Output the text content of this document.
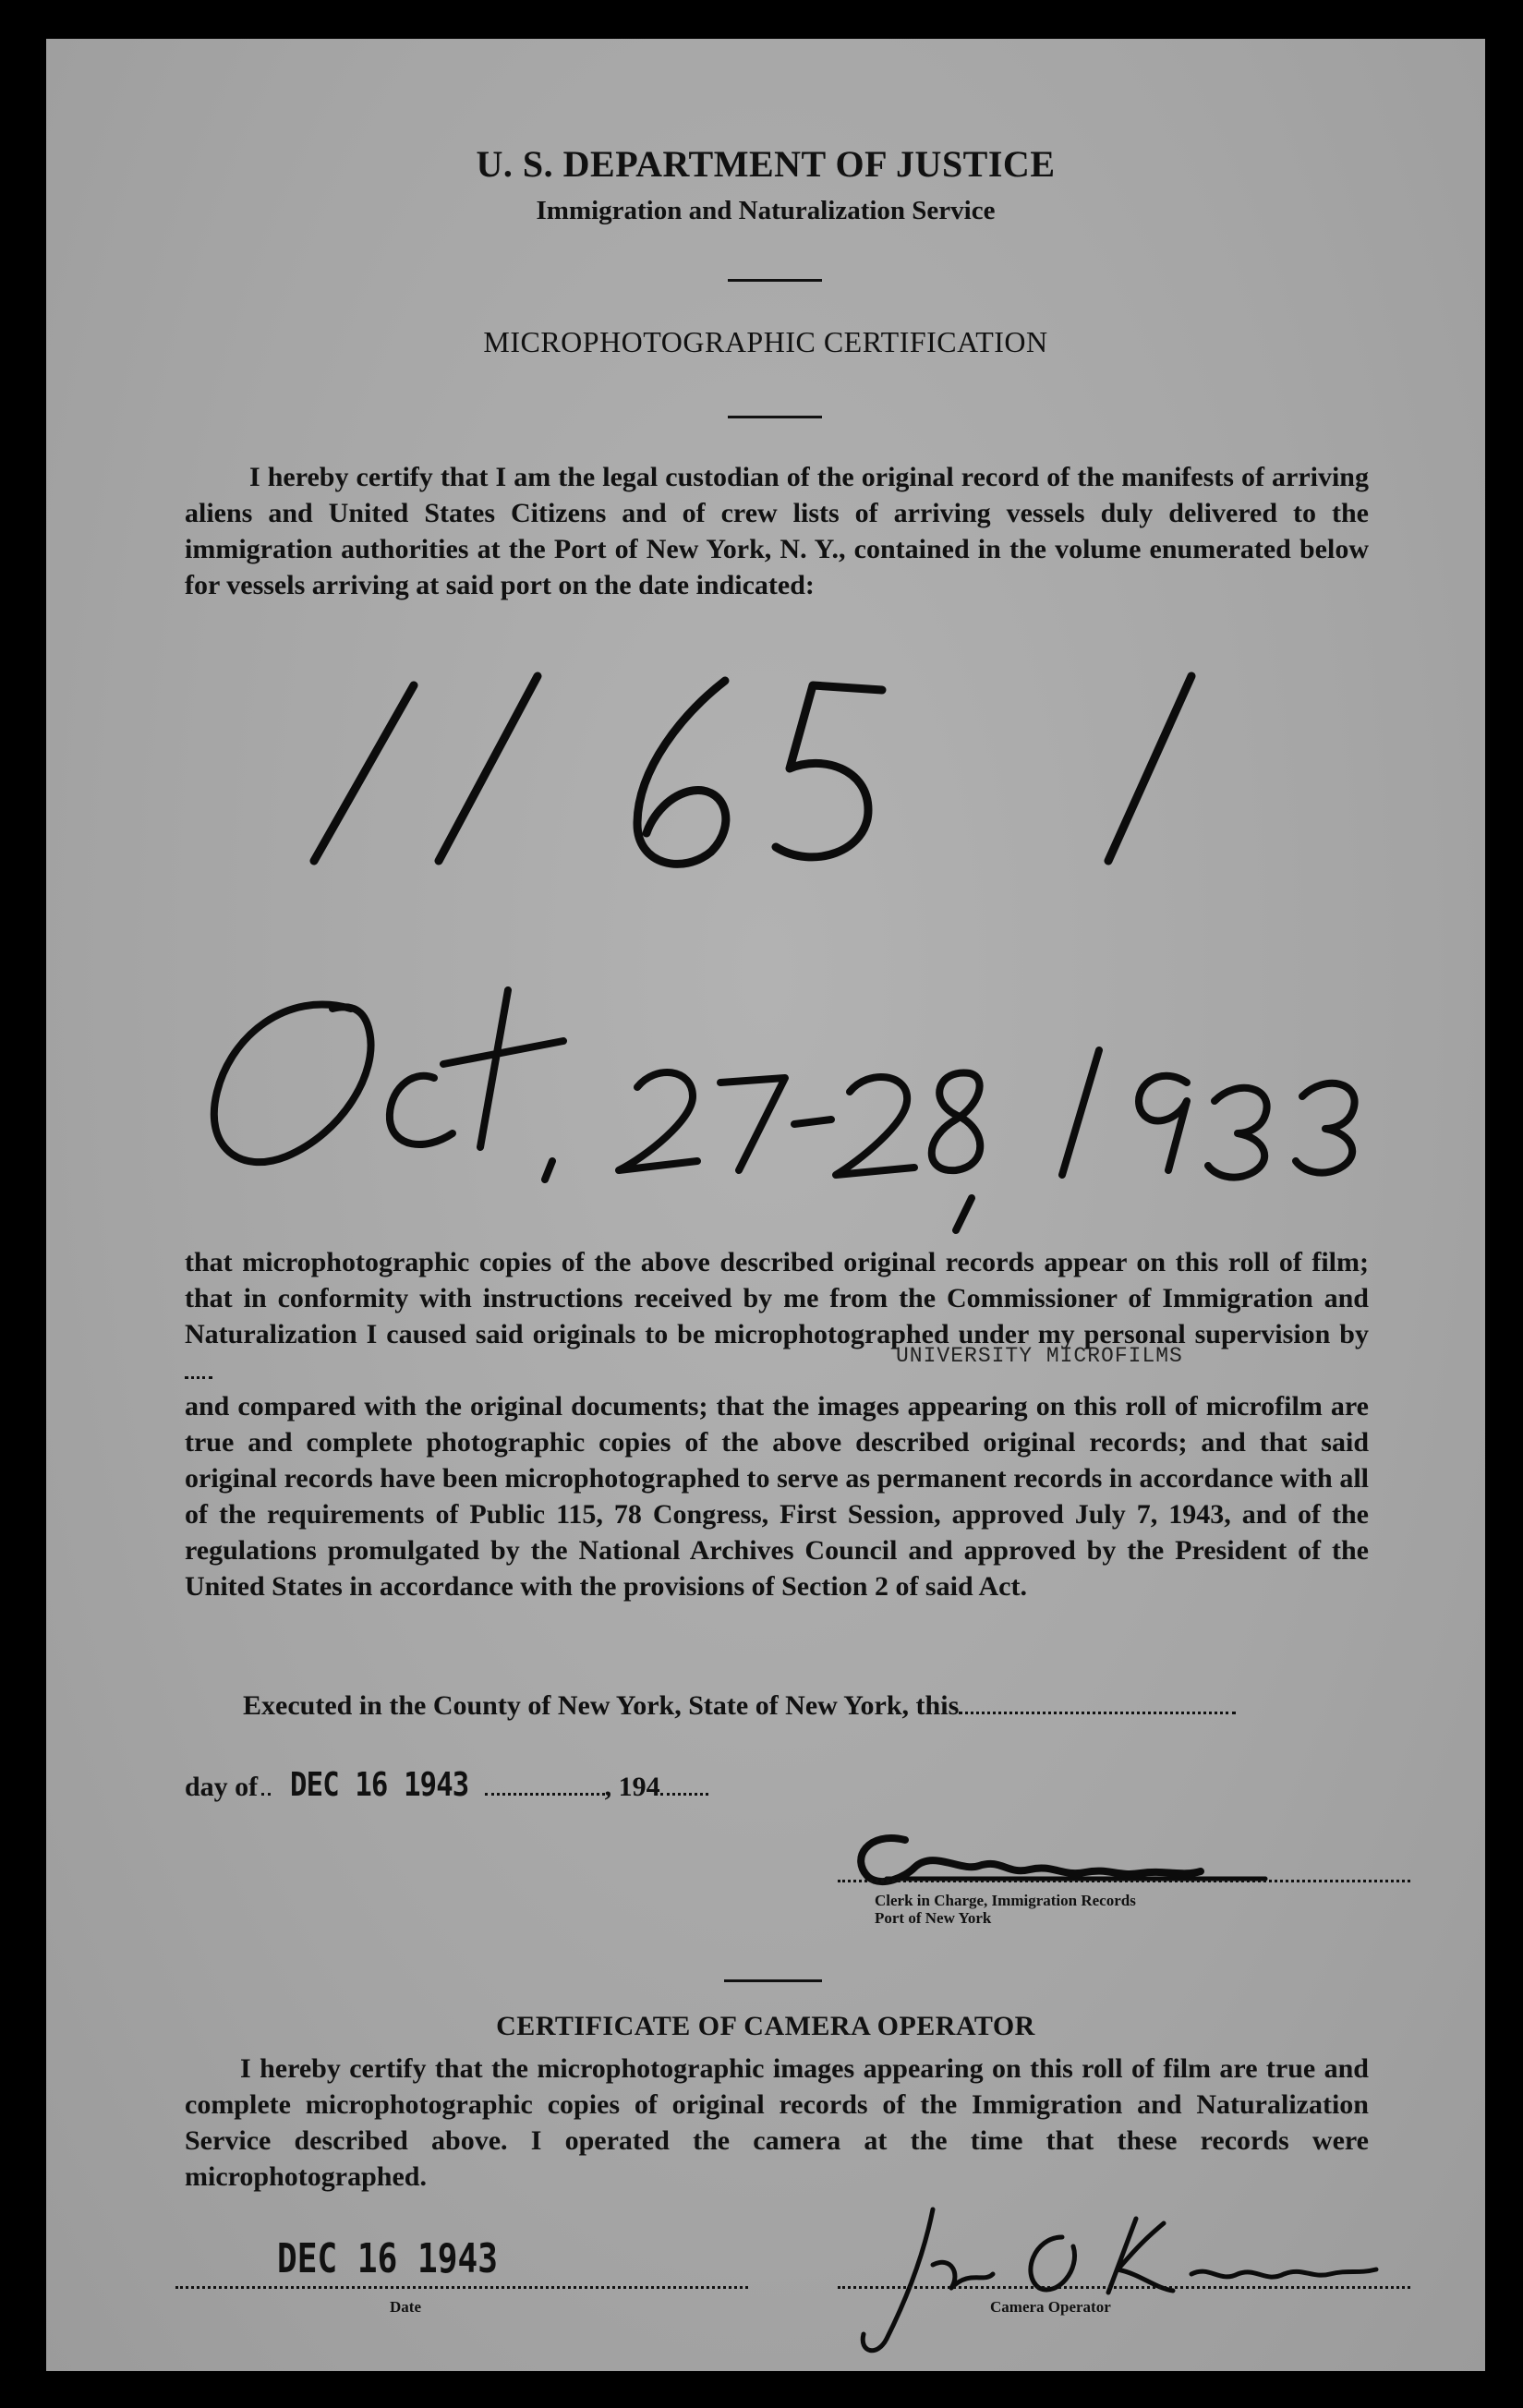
U. S. DEPARTMENT OF JUSTICE
Immigration and Naturalization Service
MICROPHOTOGRAPHIC CERTIFICATION
I hereby certify that I am the legal custodian of the original record of the manifests of arriving aliens and United States Citizens and of crew lists of arriving vessels duly delivered to the immigration authorities at the Port of New York, N. Y., contained in the volume enumerated below for vessels arriving at said port on the date indicated:
that microphotographic copies of the above described original records appear on this roll of film; that in conformity with instructions received by me from the Commissioner of Immigration and Naturalization I caused said originals to be microphotographed under my personal supervision by
UNIVERSITY MICROFILMS
and compared with the original documents; that the images appearing on this roll of microfilm are true and complete photographic copies of the above described original records; and that said original records have been microphotographed to serve as permanent records in accordance with all of the requirements of Public 115, 78 Congress, First Session, approved July 7, 1943, and of the regulations promulgated by the National Archives Council and approved by the President of the United States in accordance with the provisions of Section 2 of said Act.
Executed in the County of New York, State of New York, this
day of DEC 16 1943	, 194
Clerk in Charge, Immigration Records
Port of New York
CERTIFICATE OF CAMERA OPERATOR
I hereby certify that the microphotographic images appearing on this roll of film are true and complete microphotographic copies of original records of the Immigration and Naturalization Service described above. I operated the camera at the time that these records were microphotographed.
DEC 16 1943
Date	Camera Operator
